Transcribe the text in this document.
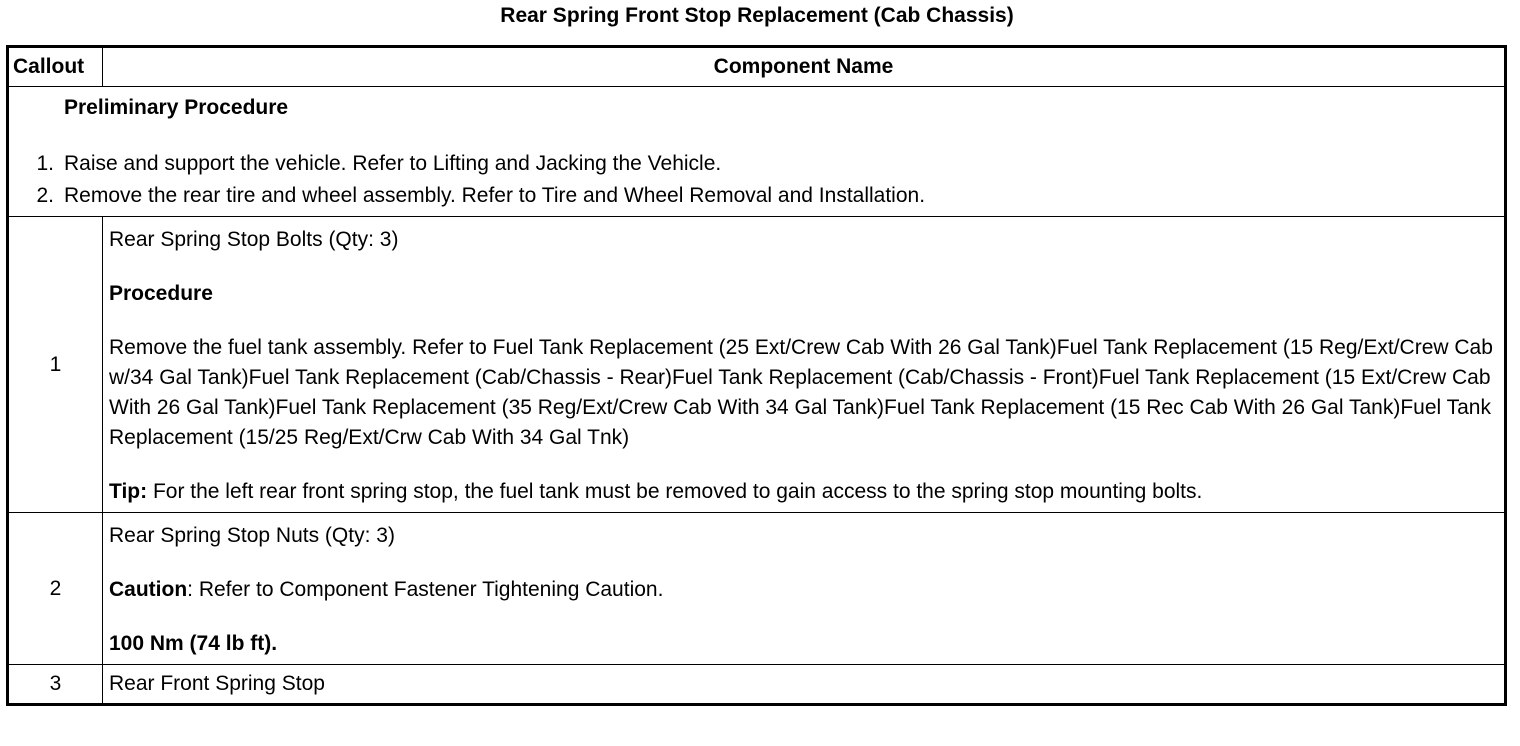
Rear Spring Front Stop Replacement (Cab Chassis)
Callout	Component Name

Preliminary Procedure
1. Raise and support the vehicle. Refer to Lifting and Jacking the Vehicle.
2. Remove the rear tire and wheel assembly. Refer to Tire and Wheel Removal and Installation.	

1	Rear Spring Stop Bolts (Qty: 3)

Procedure

Remove the fuel tank assembly. Refer to Fuel Tank Replacement (25 Ext/Crew Cab With 26 Gal Tank)Fuel Tank Replacement (15 Reg/Ext/Crew Cab w/34 Gal Tank)Fuel Tank Replacement (Cab/Chassis - Rear)Fuel Tank Replacement (Cab/Chassis - Front)Fuel Tank Replacement (15 Ext/Crew Cab With 26 Gal Tank)Fuel Tank Replacement (35 Reg/Ext/Crew Cab With 34 Gal Tank)Fuel Tank Replacement (15 Rec Cab With 26 Gal Tank)Fuel Tank Replacement (15/25 Reg/Ext/Crw Cab With 34 Gal Tnk)

Tip: For the left rear front spring stop, the fuel tank must be removed to gain access to the spring stop mounting bolts.

2	Rear Spring Stop Nuts (Qty: 3)

Caution: Refer to Component Fastener Tightening Caution.

100 Nm (74 lb ft).

3	Rear Front Spring Stop
